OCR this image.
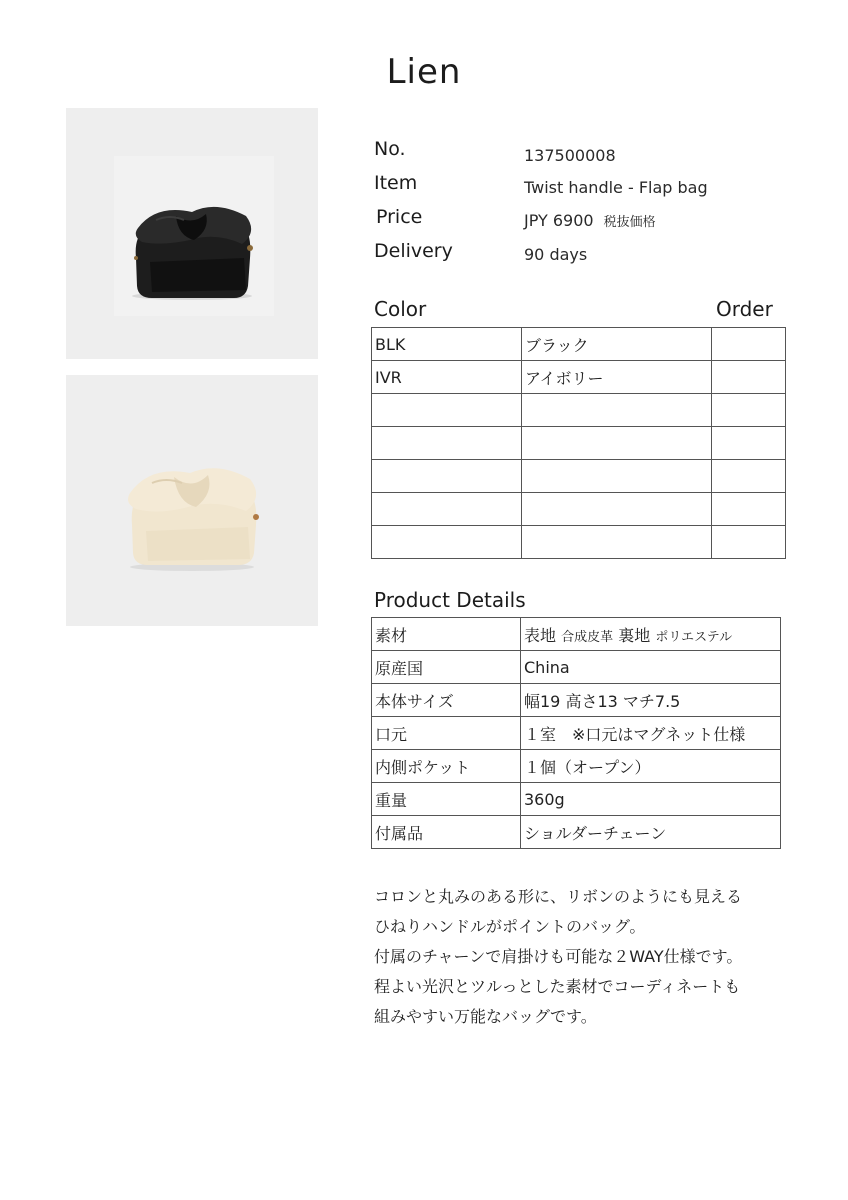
Lien
No.	137500008
Item	Twist handle - Flap bag
Price	JPY 6900 税抜価格
Delivery	90 days
Color	Order
BLK	ブラック	
IVR	アイボリー	

Product Details
素材	表地 合成皮革 裏地 ポリエステル
原産国	China
本体サイズ	幅19 高さ13 マチ7.5
口元	１室　※口元はマグネット仕様
内側ポケット	１個（オープン）
重量	360g
付属品	ショルダーチェーン
コロンと丸みのある形に、リボンのようにも見える
ひねりハンドルがポイントのバッグ。
付属のチャーンで肩掛けも可能な２WAY仕様です。
程よい光沢とツルっとした素材でコーディネートも
組みやすい万能なバッグです。
